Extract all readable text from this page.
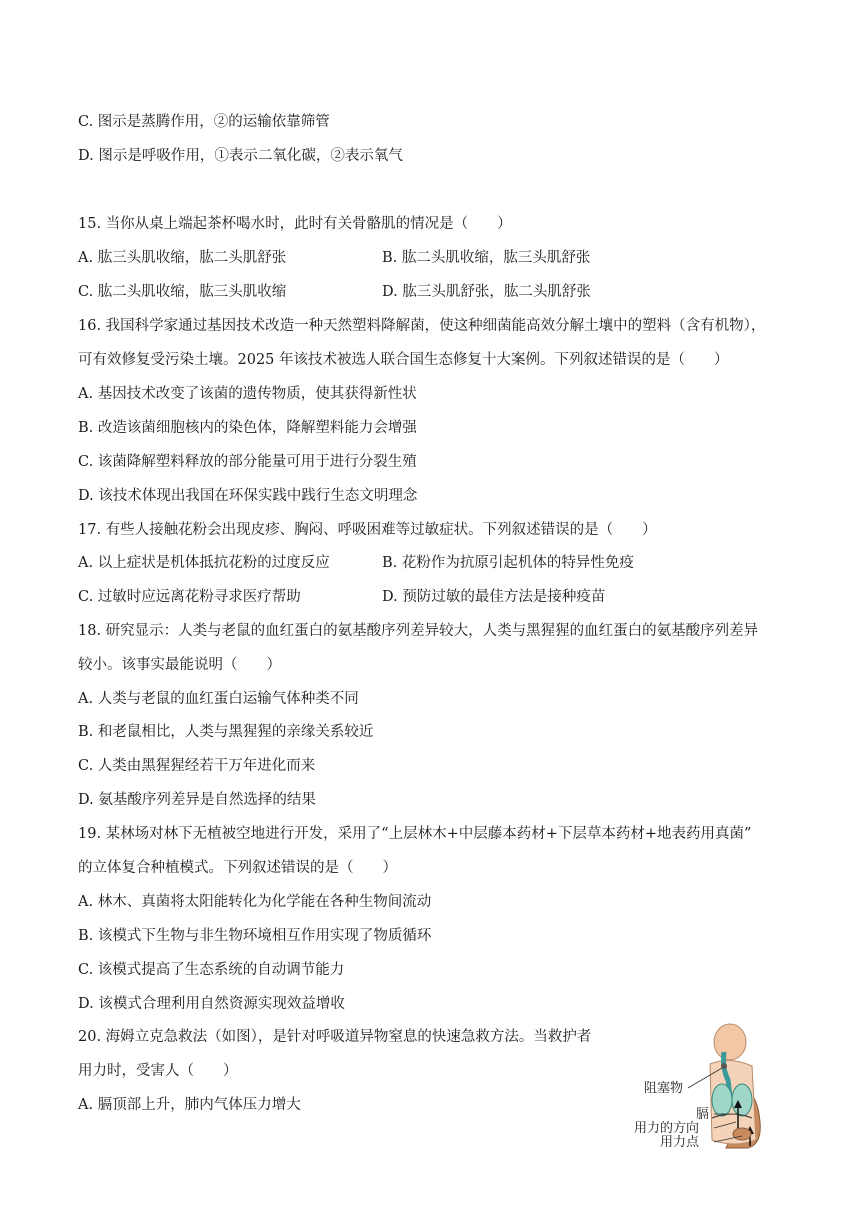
C. 图示是蒸腾作用，②的运输依靠筛管
D. 图示是呼吸作用，①表示二氧化碳，②表示氧气
15. 当你从桌上端起茶杯喝水时，此时有关骨骼肌的情况是（　　）
A. 肱三头肌收缩，肱二头肌舒张	B. 肱二头肌收缩，肱三头肌舒张
C. 肱二头肌收缩，肱三头肌收缩	D. 肱三头肌舒张，肱二头肌舒张
16. 我国科学家通过基因技术改造一种天然塑料降解菌，使这种细菌能高效分解土壤中的塑料（含有机物），
可有效修复受污染土壤。2025 年该技术被选人联合国生态修复十大案例。下列叙述错误的是（　　）
A. 基因技术改变了该菌的遗传物质，使其获得新性状
B. 改造该菌细胞核内的染色体，降解塑料能力会增强
C. 该菌降解塑料释放的部分能量可用于进行分裂生殖
D. 该技术体现出我国在环保实践中践行生态文明理念
17. 有些人接触花粉会出现皮疹、胸闷、呼吸困难等过敏症状。下列叙述错误的是（　　）
A. 以上症状是机体抵抗花粉的过度反应	B. 花粉作为抗原引起机体的特异性免疫
C. 过敏时应远离花粉寻求医疗帮助	D. 预防过敏的最佳方法是接种疫苗
18. 研究显示：人类与老鼠的血红蛋白的氨基酸序列差异较大，人类与黑猩猩的血红蛋白的氨基酸序列差异
较小。该事实最能说明（　　）
A. 人类与老鼠的血红蛋白运输气体种类不同
B. 和老鼠相比，人类与黑猩猩的亲缘关系较近
C. 人类由黑猩猩经若干万年进化而来
D. 氨基酸序列差异是自然选择的结果
19. 某林场对林下无植被空地进行开发，采用了“上层林木+中层藤本药材+下层草本药材+地表药用真菌”
的立体复合种植模式。下列叙述错误的是（　　）
A. 林木、真菌将太阳能转化为化学能在各种生物间流动
B. 该模式下生物与非生物环境相互作用实现了物质循环
C. 该模式提高了生态系统的自动调节能力
D. 该模式合理利用自然资源实现效益增收
20. 海姆立克急救法（如图），是针对呼吸道异物窒息的快速急救方法。当救护者
用力时，受害人（　　）
A. 膈顶部上升，肺内气体压力增大
阻塞物
膈
用力的方向
用力点
